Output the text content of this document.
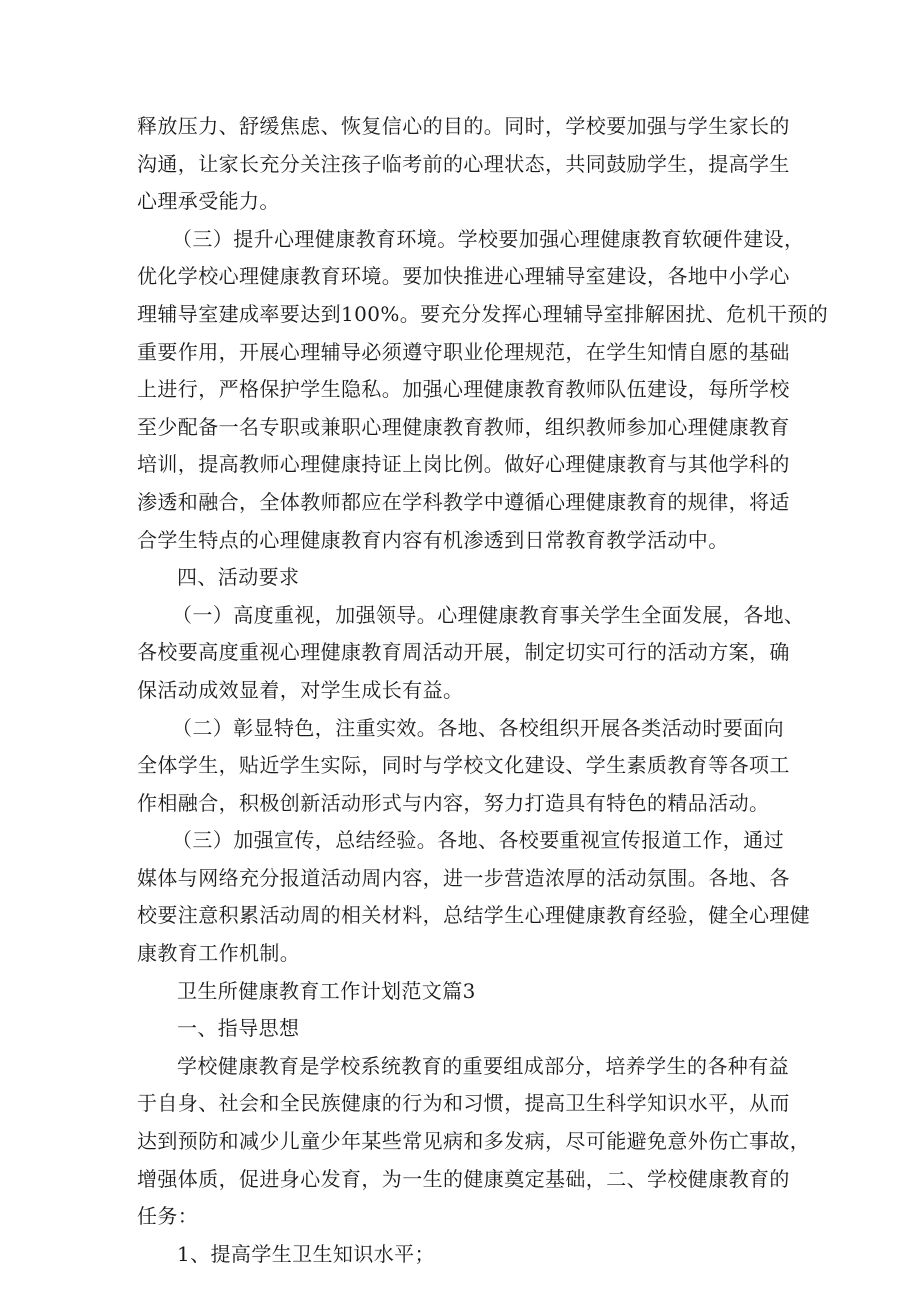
释放压力、舒缓焦虑、恢复信心的目的。同时，学校要加强与学生家长的
沟通，让家长充分关注孩子临考前的心理状态，共同鼓励学生，提高学生
心理承受能力。
（三）提升心理健康教育环境。学校要加强心理健康教育软硬件建设，
优化学校心理健康教育环境。要加快推进心理辅导室建设，各地中小学心
理辅导室建成率要达到100%。要充分发挥心理辅导室排解困扰、危机干预的
重要作用，开展心理辅导必须遵守职业伦理规范，在学生知情自愿的基础
上进行，严格保护学生隐私。加强心理健康教育教师队伍建设，每所学校
至少配备一名专职或兼职心理健康教育教师，组织教师参加心理健康教育
培训，提高教师心理健康持证上岗比例。做好心理健康教育与其他学科的
渗透和融合，全体教师都应在学科教学中遵循心理健康教育的规律，将适
合学生特点的心理健康教育内容有机渗透到日常教育教学活动中。
四、活动要求
（一）高度重视，加强领导。心理健康教育事关学生全面发展，各地、
各校要高度重视心理健康教育周活动开展，制定切实可行的活动方案，确
保活动成效显着，对学生成长有益。
（二）彰显特色，注重实效。各地、各校组织开展各类活动时要面向
全体学生，贴近学生实际，同时与学校文化建设、学生素质教育等各项工
作相融合，积极创新活动形式与内容，努力打造具有特色的精品活动。
（三）加强宣传，总结经验。各地、各校要重视宣传报道工作，通过
媒体与网络充分报道活动周内容，进一步营造浓厚的活动氛围。各地、各
校要注意积累活动周的相关材料，总结学生心理健康教育经验，健全心理健
康教育工作机制。
卫生所健康教育工作计划范文篇3
一、指导思想
学校健康教育是学校系统教育的重要组成部分，培养学生的各种有益
于自身、社会和全民族健康的行为和习惯，提高卫生科学知识水平，从而
达到预防和减少儿童少年某些常见病和多发病，尽可能避免意外伤亡事故，
增强体质，促进身心发育，为一生的健康奠定基础，二、学校健康教育的
任务：
1、提高学生卫生知识水平；
